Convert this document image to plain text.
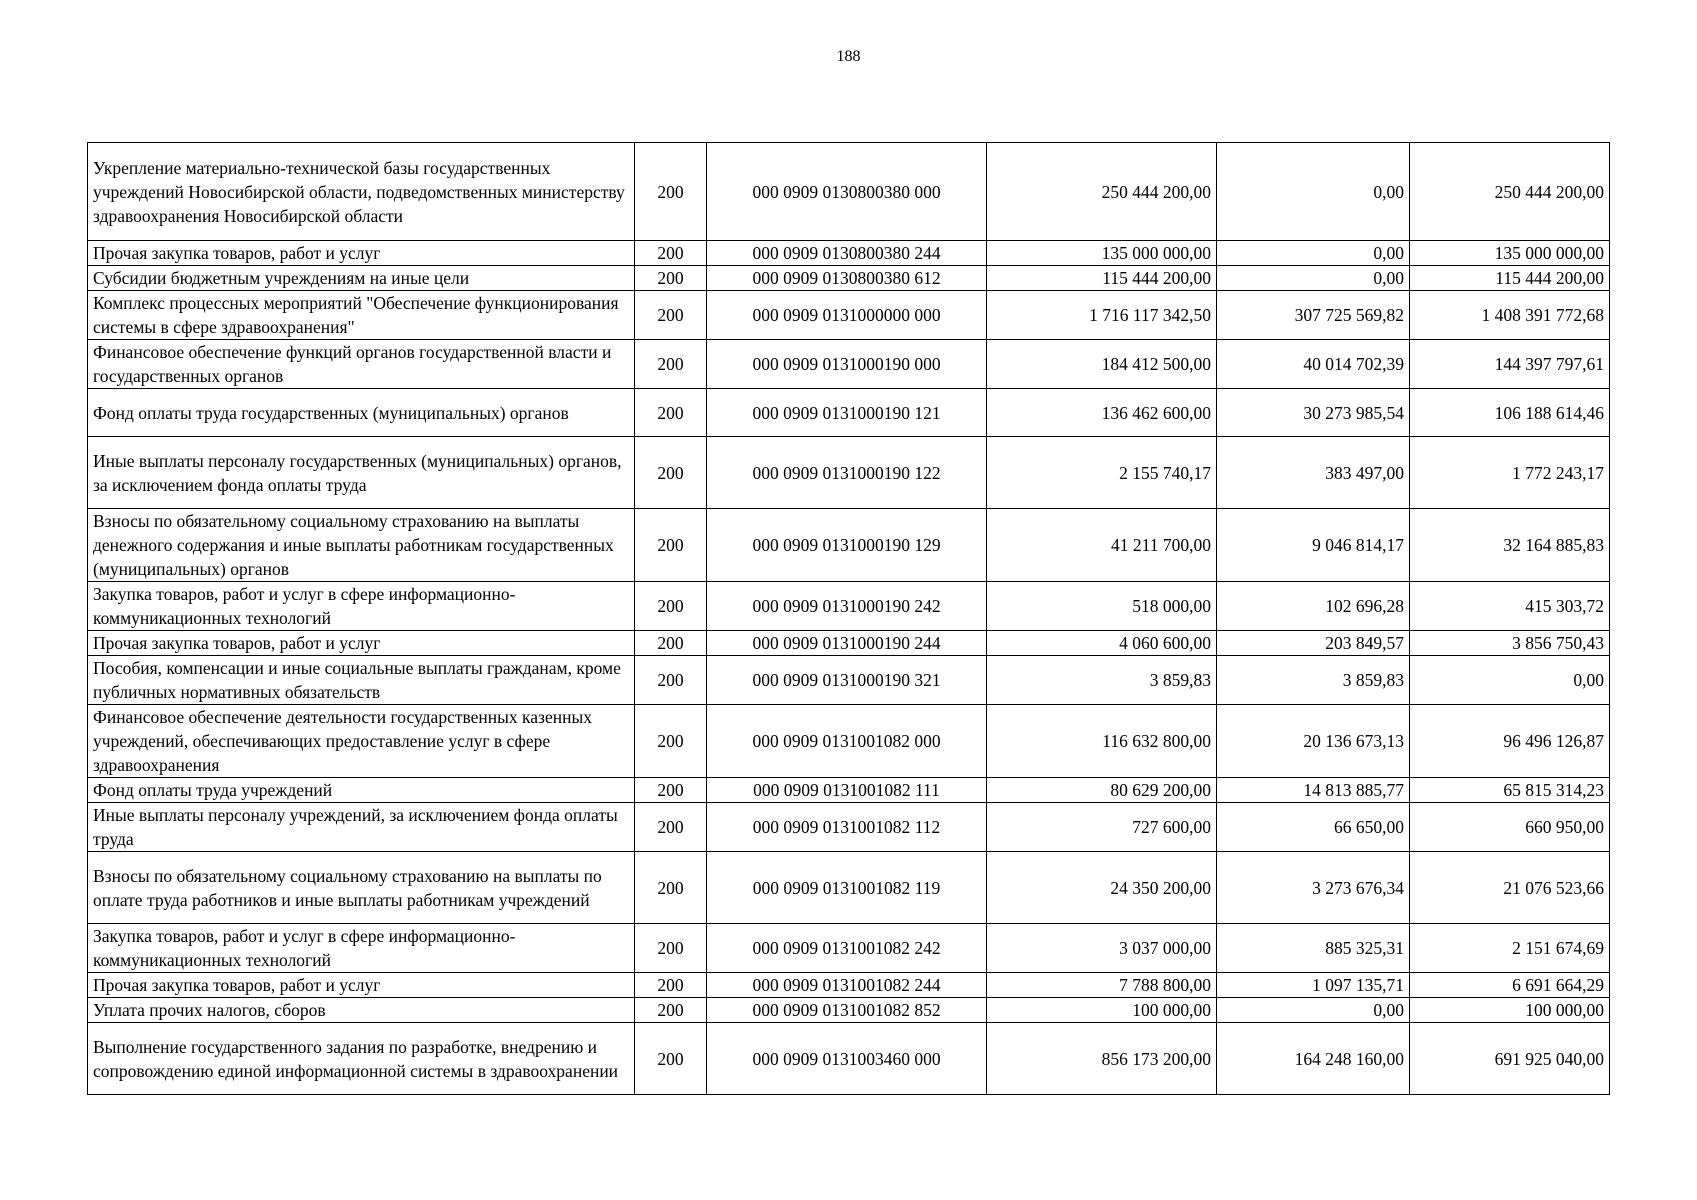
188
Укрепление материально-технической базы государственных учреждений Новосибирской области, подведомственных министерству здравоохранения Новосибирской области	200	000 0909 0130800380 000	250 444 200,00	0,00	250 444 200,00
Прочая закупка товаров, работ и услуг	200	000 0909 0130800380 244	135 000 000,00	0,00	135 000 000,00
Субсидии бюджетным учреждениям на иные цели	200	000 0909 0130800380 612	115 444 200,00	0,00	115 444 200,00
Комплекс процессных мероприятий "Обеспечение функционирования системы в сфере здравоохранения"	200	000 0909 0131000000 000	1 716 117 342,50	307 725 569,82	1 408 391 772,68
Финансовое обеспечение функций органов государственной власти и государственных органов	200	000 0909 0131000190 000	184 412 500,00	40 014 702,39	144 397 797,61
Фонд оплаты труда государственных (муниципальных) органов	200	000 0909 0131000190 121	136 462 600,00	30 273 985,54	106 188 614,46
Иные выплаты персоналу государственных (муниципальных) органов, за исключением фонда оплаты труда	200	000 0909 0131000190 122	2 155 740,17	383 497,00	1 772 243,17
Взносы по обязательному социальному страхованию на выплаты денежного содержания и иные выплаты работникам государственных (муниципальных) органов	200	000 0909 0131000190 129	41 211 700,00	9 046 814,17	32 164 885,83
Закупка товаров, работ и услуг в сфере информационно-коммуникационных технологий	200	000 0909 0131000190 242	518 000,00	102 696,28	415 303,72
Прочая закупка товаров, работ и услуг	200	000 0909 0131000190 244	4 060 600,00	203 849,57	3 856 750,43
Пособия, компенсации и иные социальные выплаты гражданам, кроме публичных нормативных обязательств	200	000 0909 0131000190 321	3 859,83	3 859,83	0,00
Финансовое обеспечение деятельности государственных казенных учреждений, обеспечивающих предоставление услуг в сфере здравоохранения	200	000 0909 0131001082 000	116 632 800,00	20 136 673,13	96 496 126,87
Фонд оплаты труда учреждений	200	000 0909 0131001082 111	80 629 200,00	14 813 885,77	65 815 314,23
Иные выплаты персоналу учреждений, за исключением фонда оплаты труда	200	000 0909 0131001082 112	727 600,00	66 650,00	660 950,00
Взносы по обязательному социальному страхованию на выплаты по оплате труда работников и иные выплаты работникам учреждений	200	000 0909 0131001082 119	24 350 200,00	3 273 676,34	21 076 523,66
Закупка товаров, работ и услуг в сфере информационно-коммуникационных технологий	200	000 0909 0131001082 242	3 037 000,00	885 325,31	2 151 674,69
Прочая закупка товаров, работ и услуг	200	000 0909 0131001082 244	7 788 800,00	1 097 135,71	6 691 664,29
Уплата прочих налогов, сборов	200	000 0909 0131001082 852	100 000,00	0,00	100 000,00
Выполнение государственного задания по разработке, внедрению и сопровождению единой информационной системы в здравоохранении	200	000 0909 0131003460 000	856 173 200,00	164 248 160,00	691 925 040,00
